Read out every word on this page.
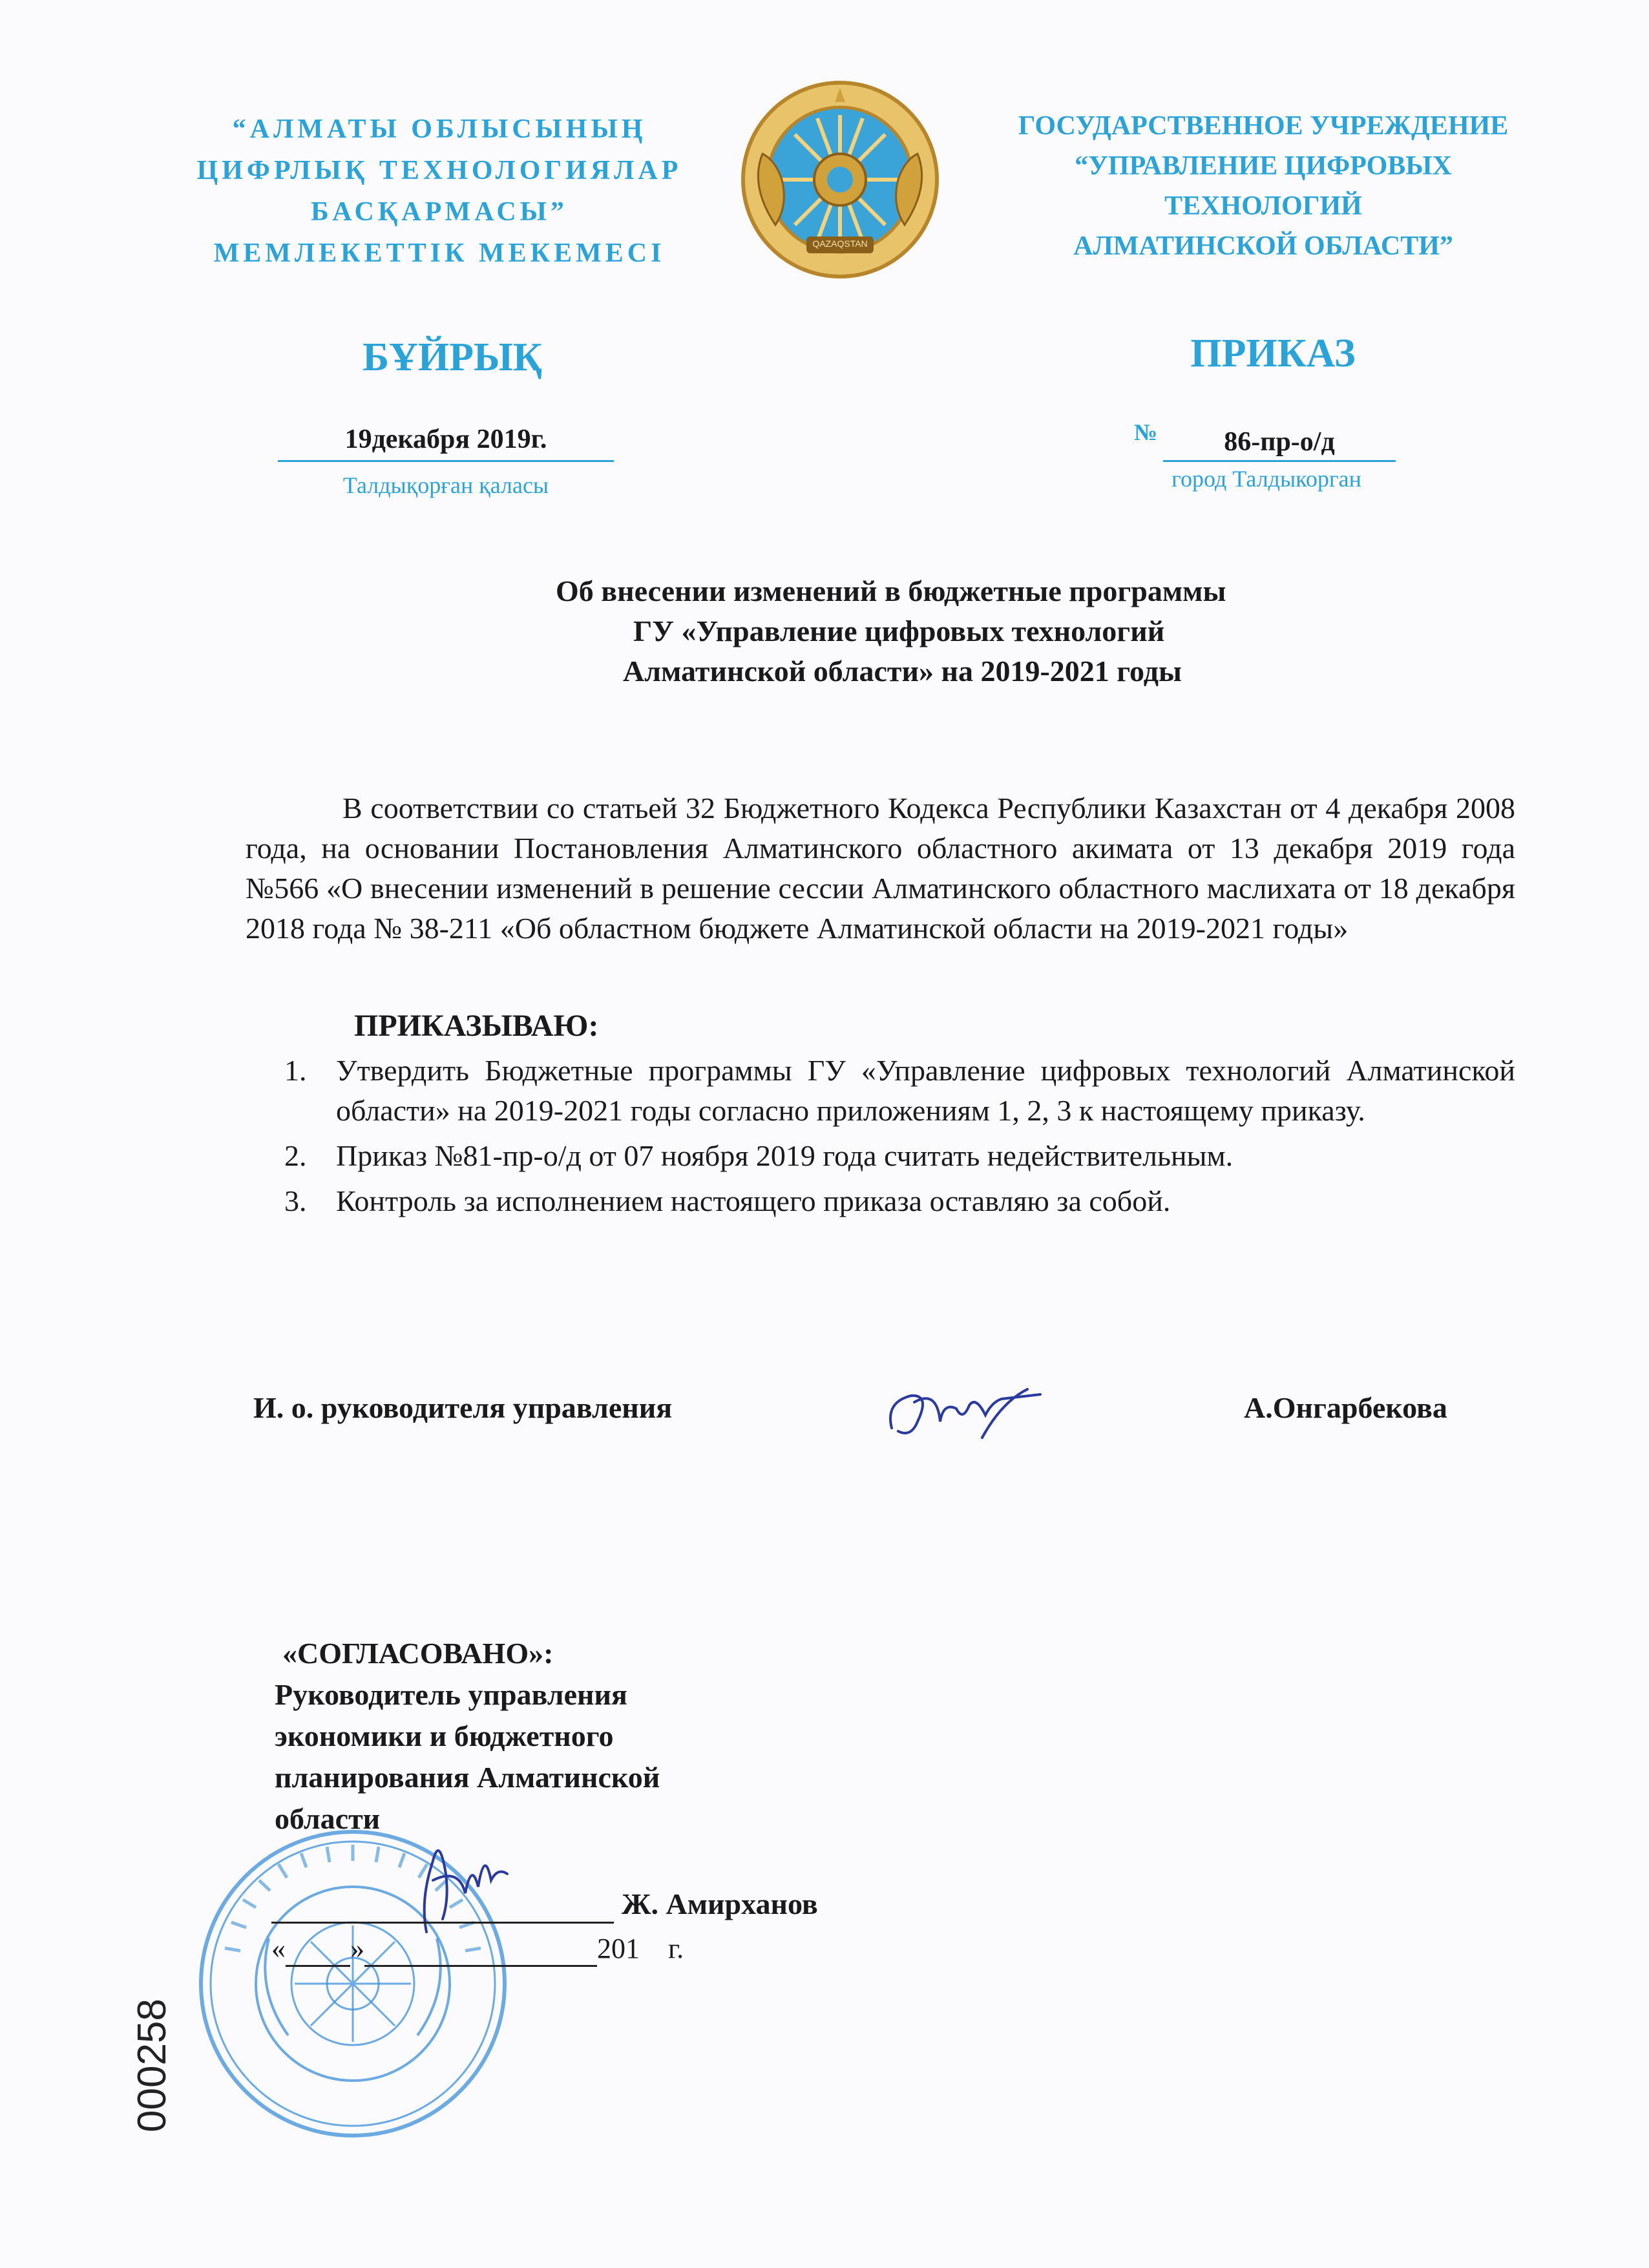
“АЛМАТЫ ОБЛЫСЫНЫҢ
ЦИФРЛЫҚ ТЕХНОЛОГИЯЛАР
БАСҚАРМАСЫ”
МЕМЛЕКЕТТІК МЕКЕМЕСІ	QAZAQSTAN
ГОСУДАРСТВЕННОЕ УЧРЕЖДЕНИЕ
“УПРАВЛЕНИЕ ЦИФРОВЫХ
ТЕХНОЛОГИЙ
АЛМАТИНСКОЙ ОБЛАСТИ”
БҰЙРЫҚ	ПРИКАЗ
19декабря 2019г.
Талдықорған қаласы
№	86-пр-о/д
город Талдыкорган
Об внесении изменений в бюджетные программы
ГУ «Управление цифровых технологий
Алматинской области» на 2019-2021 годы
В соответствии со статьей 32 Бюджетного Кодекса Республики Казахстан от 4 декабря 2008 года, на основании Постановления Алматинского областного акимата от 13 декабря 2019 года №566 «О внесении изменений в решение сессии Алматинского областного маслихата от 18 декабря 2018 года № 38-211 «Об областном бюджете Алматинской области на 2019-2021 годы»
ПРИКАЗЫВАЮ:
1. Утвердить Бюджетные программы ГУ «Управление цифровых технологий Алматинской области» на 2019-2021 годы согласно приложениям 1, 2, 3 к настоящему приказу.
2. Приказ №81-пр-о/д от 07 ноября 2019 года считать недействительным.
3. Контроль за исполнением настоящего приказа оставляю за собой.
И. о. руководителя управления	А.Онгарбекова
«СОГЛАСОВАНО»:
Руководитель управления
экономики и бюджетного
планирования Алматинской
области
Ж. Амирханов
« »	201 г.
000258
